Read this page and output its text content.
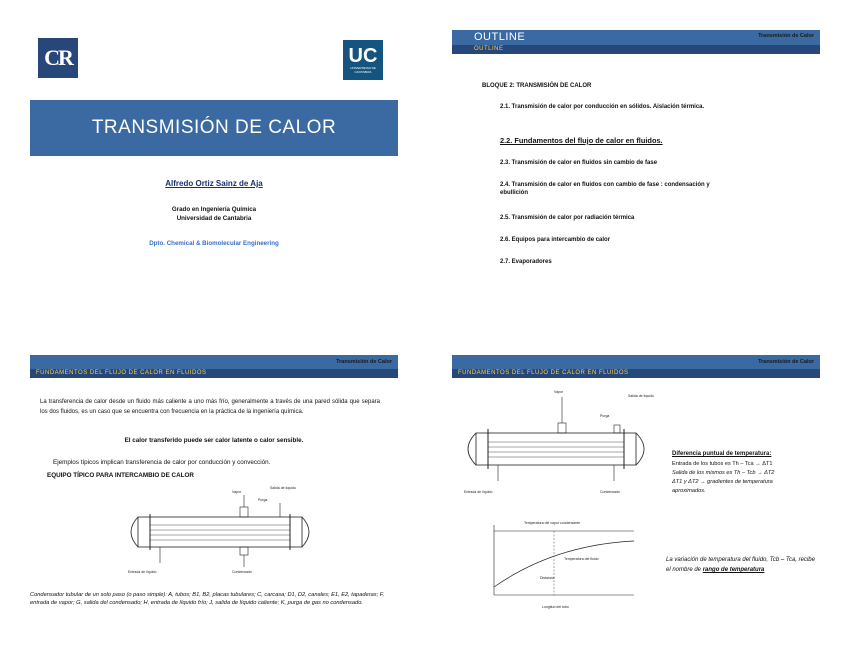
CR	UC
UNIVERSIDAD DE CANTABRIA
TRANSMISIÓN DE CALOR
Alfredo Ortiz Sainz de Aja
Grado en Ingeniería Química
Universidad de Cantabria
Dpto. Chemical & Biomolecular Engineering
OUTLINE	Transmisión de Calor
OUTLINE
BLOQUE 2: TRANSMISIÓN DE CALOR
2.1. Transmisión de calor por conducción en sólidos. Aislación térmica.
2.2. Fundamentos del flujo de calor en fluidos.
2.3. Transmisión de calor en fluidos sin cambio de fase
2.4. Transmisión de calor en fluidos con cambio de fase : condensación y ebullición
2.5. Transmisión de calor por radiación térmica
2.6. Equipos para intercambio de calor
2.7. Evaporadores
Transmisión de Calor
FUNDAMENTOS DEL FLUJO DE CALOR EN FLUIDOS
La transferencia de calor desde un fluido más caliente a uno más frío, generalmente a través de una pared sólida que separa los dos fluidos, es un caso que se encuentra con frecuencia en la práctica de la ingeniería química.
El calor transferido puede ser calor latente o calor sensible.
Ejemplos típicos implican transferencia de calor por conducción y convección.
EQUIPO TÍPICO PARA INTERCAMBIO DE CALOR
Vapor
Salida de líquido
Purga
Entrada de líquido	Condensado
Condensador tubular de un solo paso (o paso simple): A, tubos; B1, B2, placas tubulares; C, carcasa; D1, D2, canales; E1, E2, tapaderas; F, entrada de vapor; G, salida del condensado; H, entrada de líquido frío; J, salida de líquido caliente; K, purga de gas no condensado.
Transmisión de Calor
FUNDAMENTOS DEL FLUJO DE CALOR EN FLUIDOS
Vapor
Salida de líquido
Purga
Entrada de líquido	Condensado
Diferencia puntual de temperatura:
Entrada de los tubos es Th – Tca → ΔT1
Salida de los mismos es Th – Tcb → ΔT2
ΔT1 y ΔT2 → gradientes de temperatura
aproximados.
Temperatura del vapor condensante
Temperatura del fluido
Distancia
Longitud del tubo
La variación de temperatura del fluido, Tcb – Tca, recibe el nombre de rango de temperatura
